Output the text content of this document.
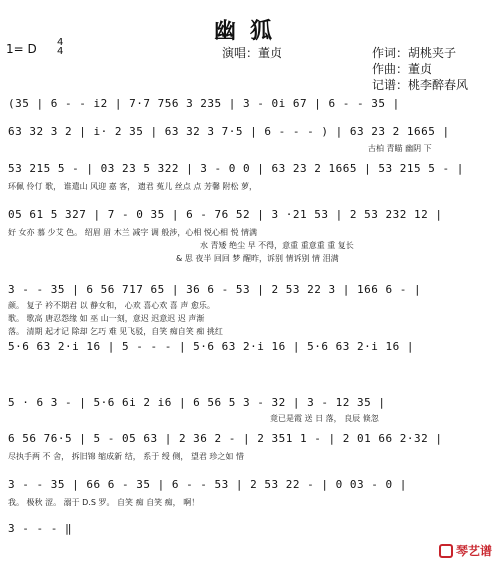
幽狐
演唱：董贞	作词：胡桃夹子
作曲：董贞
记谱：桃李醉春风
1= D 4
4
(35 | 6 - - i2 | 7·7 756 3 235 | 3 - 0i 67 | 6 - - 35 |
63 32 3 2 | i· 2 35 | 63 32 3 7·5 | 6 - - - ) | 63 23 2 1665 |
53 215 5 - | 03 23 5 322 | 3 - 0 0 | 63 23 2 1665 | 53 215 5 - |
05 61 5 327 | 7 - 0 35 | 6 - 76 52 | 3 ·21 53 | 2 53 232 12 |
3 - - 35 | 6 56 717 65 | 36 6 - 53 | 2 53 22 3 | 166 6 - |
5·6 63 2·i 16 | 5 - - - | 5·6 63 2·i 16 | 5·6 63 2·i 16 |
5 · 6 3 - | 5·6 6i 2 i6 | 6 56 5 3 - 32 | 3 - 12 35 |
6 56 76·5 | 5 - 05 63 | 2 36 2 - | 2 351 1 - | 2 01 66 2·32 |
3 - - 35 | 66 6 - 35 | 6 - - 53 | 2 53 22 - | 0 03 - 0 |
3 - - - ‖
古柏 青瞄 幽阴 下
环佩 伶仃 歌， 谁遣山 风迎 嘉 客， 遗君 菟儿 丝点 点 芳馨 附松 萝，
好 女亦 慕 少艾 色。 绍眉 眉 木兰 减字 调 般涉，心相 悦心相 悦 情满
水 青矮 绝尘 早 不得，意重 重意重 重 复长
& 思 夜半 回回 梦 醒昨，诉别 情诉别 情 泪满
颜。 复子 衿不期君 以 静女和， 心欢 喜心欢 喜 声 愈乐。
歌。 歌高 唐忍怨缘 如 巫 山一刻，意迟 迟意迟 迟 声渐
落。 清期 起才记 除却 乞巧 难 见飞驳，自笑 痴自笑 痴 挑红
竟已是霞 送 日 落， 良辰 倏忽
尽执手两 不 舍， 拆旧锦 缩成新 结， 系于 绶 侧， 望君 珍之如 惜
我。 极秋 涩。 溺于 D.S 罗。 自笑 痴 自笑 痴， 啊！
琴艺谱
